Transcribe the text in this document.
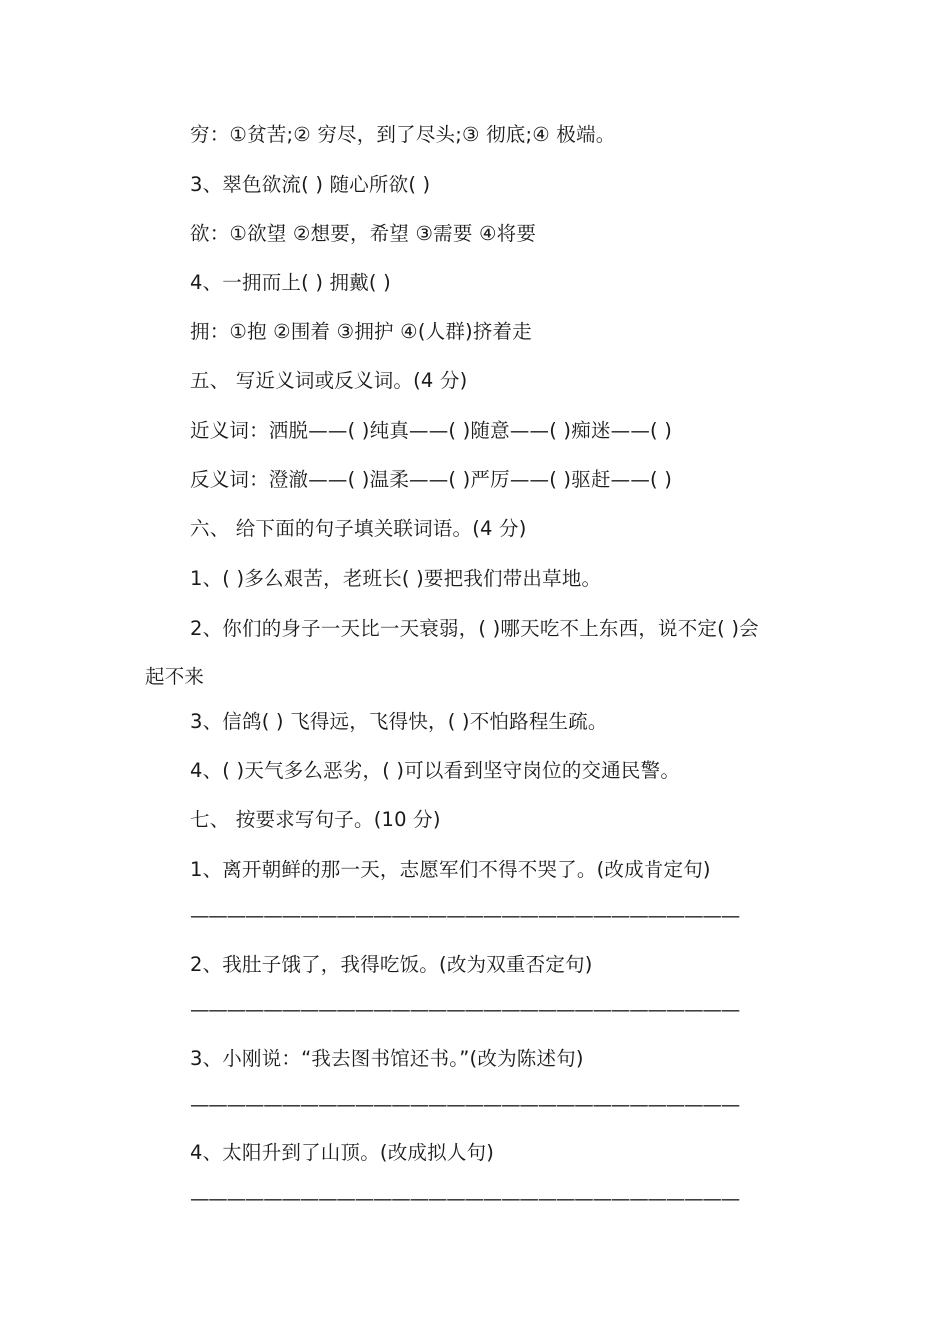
穷：①贫苦;② 穷尽，到了尽头;③ 彻底;④ 极端。
3、翠色欲流( ) 随心所欲( )
欲：①欲望 ②想要，希望 ③需要 ④将要
4、一拥而上( ) 拥戴( )
拥：①抱 ②围着 ③拥护 ④(人群)挤着走
五、 写近义词或反义词。(4 分)
近义词：洒脱——( )纯真——( )随意——( )痴迷——( )
反义词：澄澈——( )温柔——( )严厉——( )驱赶——( )
六、 给下面的句子填关联词语。(4 分)
1、( )多么艰苦，老班长( )要把我们带出草地。
2、你们的身子一天比一天衰弱，( )哪天吃不上东西，说不定( )会
起不来
3、信鸽( ) 飞得远，飞得快，( )不怕路程生疏。
4、( )天气多么恶劣，( )可以看到坚守岗位的交通民警。
七、 按要求写句子。(10 分)
1、离开朝鲜的那一天，志愿军们不得不哭了。(改成肯定句)
——————————————————————————————
2、我肚子饿了，我得吃饭。(改为双重否定句)
——————————————————————————————
3、小刚说：“我去图书馆还书。”(改为陈述句)
——————————————————————————————
4、太阳升到了山顶。(改成拟人句)
——————————————————————————————
